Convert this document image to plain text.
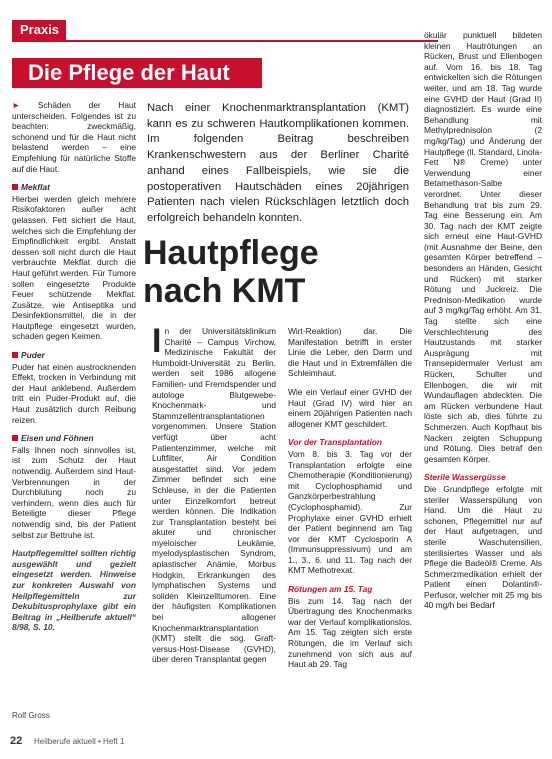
Praxis
Die Pflege der Haut

► Schäden der Haut unterscheiden. Folgendes ist zu beachten: zweckmäßig, schonend und für die Haut nicht belastend werden – eine Empfehlung für natürliche Stoffe auf die Haut.

Mekflat

Hierbei werden gleich mehrere Risikofaktoren außer acht gelassen. Fett sichert die Haut, welches sich die Empfehlung der Empfindlichkeit ergibt. Anstatt dessen soll nicht durch die Haut verbrauchte Mekflat durch die Haut geführt werden. Für Tumore sollen eingesetzte Produkte Feuer schützende Mekflat. Zusätze, wie Antiseptika und Desinfektionsmittel, die in der Hautpflege eingesetzt wurden, schaden gegen Keimen.

Puder

Puder hat einen austrocknenden Effekt, trocken in Verbindung mit der Haut anklebend. Außerdem tritt ein Puder-Produkt auf, die Haut zusätzlich durch Reibung reizen.

Eisen und Föhnen

Falls Ihnen noch sinnvolles ist, ist zum Schutz der Haut notwendig. Außerdem sind Haut-Verbrennungen in der Durchblutung noch zu verhindern, wenn dies auch für Beteiligte dieser Pflege notwendig sind, bis der Patient selbst zur Bettruhe ist.

Hautpflegemittel sollten richtig ausgewählt und gezielt eingesetzt werden. Hinweise zur konkreten Auswahl von Heilpflegemitteln zur Dekubitusprophylaxe gibt ein Beitrag in „Heilberufe aktuell“ 8/98, S. 10.

Rolf Gross
Nach einer Knochenmarktransplantation (KMT) kann es zu schweren Hautkomplikationen kommen. Im folgenden Beitrag beschreiben Krankenschwestern aus der Berliner Charité anhand eines Fallbeispiels, wie sie die postoperativen Hautschäden eines 20jährigen Patienten nach vielen Rückschlägen letztlich doch erfolgreich behandeln konnten.
Hautpflege
nach KMT

In der Universitätsklinikum Charité – Campus Virchow, Medizinische Fakultät der Humboldt-Universität zu Berlin, werden seit 1986 allogene Familien- und Fremdspender und autologe Blutgewebe-Knochenmark- und Stammzellentransplantationen vorgenommen. Unsere Station verfügt über acht Patientenzimmer, welche mit Luftfilter, Air Condition ausgestattet sind. Vor jedem Zimmer befindet sich eine Schleuse, in der die Patienten unter Einzelkomfort betreut werden können. Die Indikation zur Transplantation besteht bei akuter und chronischer myeloischer Leukämie, myelodysplastischen Syndrom, aplastischer Anämie, Morbus Hodgkin, Erkrankungen des lymphatischen Systems und soliden Kleinzelltumoren. Eine der häufigsten Komplikationen bei allogener Knochenmarktransplantation (KMT) stellt die sog. Graft-versus-Host-Disease (GVHD), über deren Transplantat gegen

Wirt-Reaktion) dar. Die Manifestation betrifft in erster Linie die Leber, den Darm und die Haut und in Extremfällen die Schleimhaut.

Wie ein Verlauf einer GVHD der Haut (Grad IV) wird hier an einem 20jährigen Patienten nach allogener KMT geschildert.

Vor der Transplantation

Vom 8. bis 3. Tag vor der Transplantation erfolgte eine Chemotherapie (Konditionierung) mit Cyclophosphamid und Ganzkörperbestrahlung (Cyclophosphamid). Zur Prophylaxe einer GVHD erhielt der Patient beginnend am Tag vor der KMT Cyclosporin A (Immunsuppressivum) und am 1., 3., 6. und 11. Tag nach der KMT Methotrexat.

Rötungen am 15. Tag

Bis zum 14. Tag nach der Übertragung des Knochenmarks war der Verlauf komplikationslos. Am 15. Tag zeigten sich erste Rötungen, die im Verlauf sich zunehmend von sich aus auf Haut ab 29. Tag

ökulär punktuell bildeten kleinen Hautrötungen an Rücken, Brust und Ellenbogen auf. Vom 16. bis 18. Tag entwickelten sich die Rötungen weiter, und am 18. Tag wurde eine GVHD der Haut (Grad II) diagnostiziert. Es wurde eine Behandlung mit Methylprednisolon (2 mg/kg/Tag) und Änderung der Hautpflege (ll. Standard, Linola-Fett N® Creme) unter Verwendung einer Betamethason-Salbe verordnet. Unter dieser Behandlung trat bis zum 29. Tag eine Besserung ein. Am 30. Tag nach der KMT zeigte sich erneut eine Haut-GVHD (mit Ausnahme der Beine, den gesamten Körper betreffend – besonders an Händen, Gesicht und Rücken) mit starker Rötung und Juckreiz. Die Prednison-Medikation wurde auf 3 mg/kg/Tag erhöht. Am 31. Tag stellte sich eine Verschlechterung des Hautzustands mit starker Ausprägung mit Transepidermaler Verlust am Rücken, Schulter und Ellenbogen, die wir mit Wundauflagen abdeckten. Die am Rücken verbundene Haut löste sich ab, dies führte zu Schmerzen. Auch Kopfhaut bis Nacken zeigten Schuppung und Rötung. Dies betraf den gesamten Körper.

Sterile Wassergüsse

Die Grundpflege erfolgte mit steriler Wasserspülung von Hand. Um die Haut zu schonen, Pflegemittel nur auf der Haut aufgetragen, und sterile Waschutensilien, sterilisiertes Wasser und als Pflege die Badeöl® Creme. Als Schmerzmedikation erhielt der Patient einen Dolantin®-Perfusor, welcher mit 25 mg bis 40 mg/h bei Bedarf

22 Heilberufe aktuell • Heft 1
